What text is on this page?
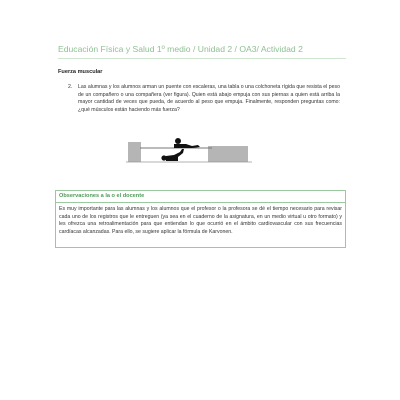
Educación Física y Salud 1º medio / Unidad 2 / OA3/ Actividad 2
Fuerza muscular
2. Las alumnas y los alumnos arman un puente con escaleras, una tabla o una colchoneta rígida que resista el peso de un compañero o una compañera (ver figura). Quien está abajo empuja con sus piernas a quien está arriba la mayor cantidad de veces que pueda, de acuerdo al peso que empuja. Finalmente, responden preguntas como: ¿qué músculos están haciendo más fuerza?
Observaciones a la o el docente
Es muy importante para las alumnas y los alumnos que el profesor o la profesora se dé el tiempo necesario para revisar cada uno de los registros que le entreguen (ya sea en el cuaderno de la asignatura, en un medio virtual u otro formato) y les ofrezca una retroalimentación para que entiendan lo que ocurrió en el ámbito cardiovascular con sus frecuencias cardíacas alcanzadas. Para ello, se sugiere aplicar la fórmula de Karvonen.
